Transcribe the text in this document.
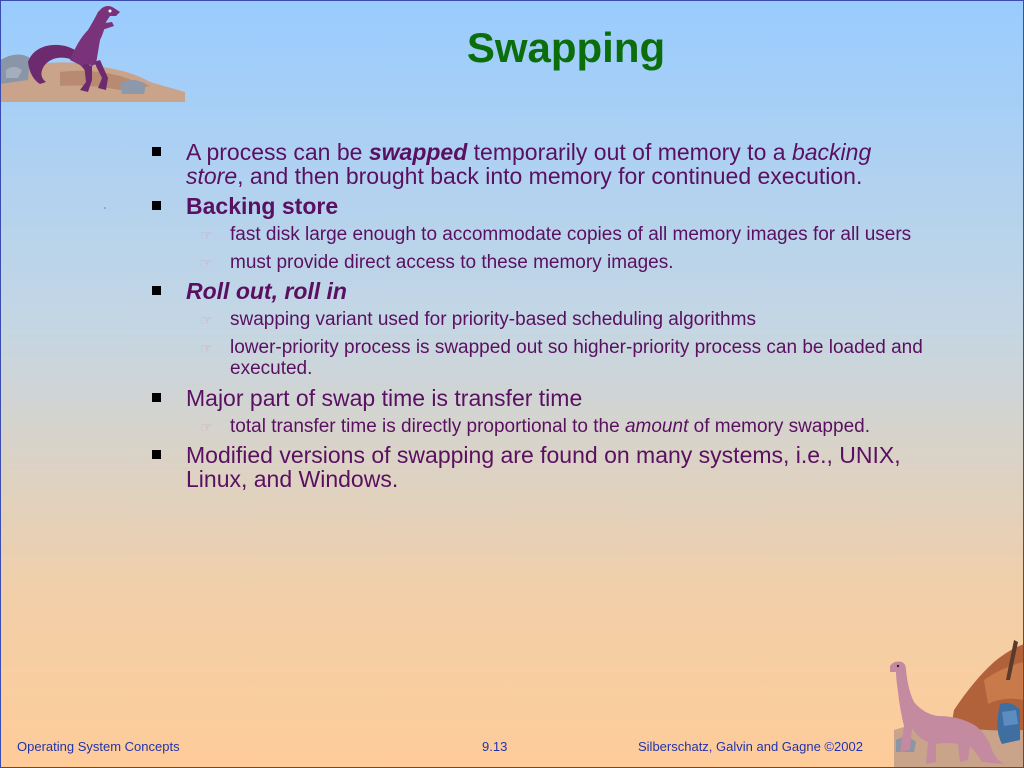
Swapping
A process can be swapped temporarily out of memory to a backing store, and then brought back into memory for continued execution.
Backing store
☞ fast disk large enough to accommodate copies of all memory images for all users
☞ must provide direct access to these memory images.
Roll out, roll in
☞ swapping variant used for priority-based scheduling algorithms
☞ lower-priority process is swapped out so higher-priority process can be loaded and executed.
Major part of swap time is transfer time
☞ total transfer time is directly proportional to the amount of memory swapped.
Modified versions of swapping are found on many systems, i.e., UNIX, Linux, and Windows.
Operating System Concepts	9.13	Silberschatz, Galvin and Gagne ©2002
